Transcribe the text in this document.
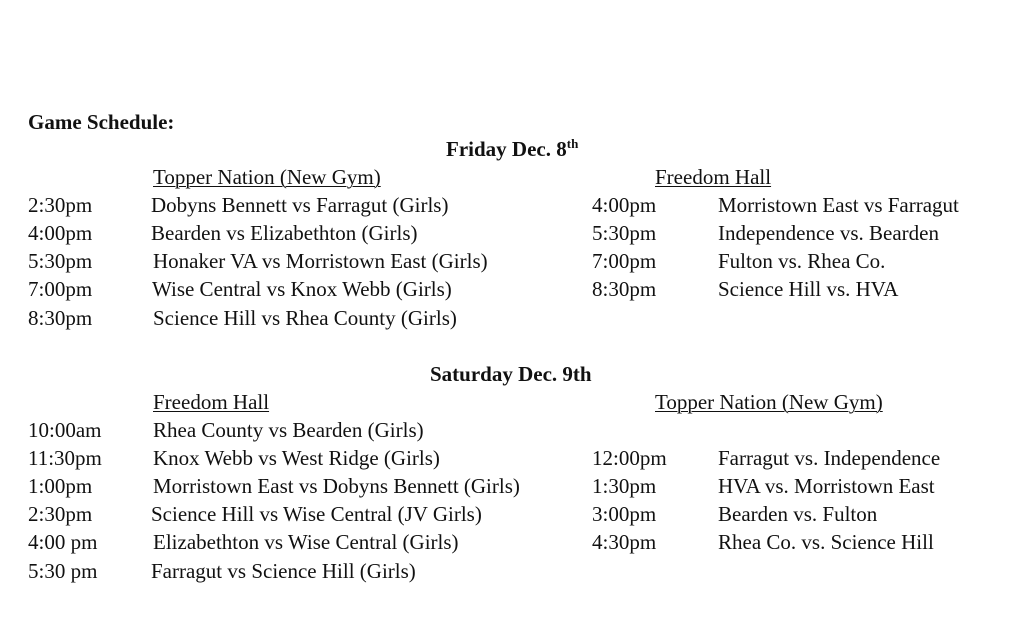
Game Schedule:
Friday Dec. 8th
Topper Nation (New Gym)	Freedom Hall
2:30pm	Dobyns Bennett vs Farragut (Girls)
4:00pm	Bearden vs Elizabethton (Girls)
5:30pm	Honaker VA vs Morristown East (Girls)
7:00pm	Wise Central vs Knox Webb (Girls)
8:30pm	Science Hill vs Rhea County (Girls)
4:00pm	Morristown East vs Farragut
5:30pm	Independence vs. Bearden
7:00pm	Fulton vs. Rhea Co.
8:30pm	Science Hill vs. HVA
Saturday Dec. 9th
Freedom Hall	Topper Nation (New Gym)
10:00am Rhea County vs Bearden (Girls)
11:30pm Knox Webb vs West Ridge (Girls)
1:00pm	Morristown East vs Dobyns Bennett (Girls)
2:30pm	Science Hill vs Wise Central (JV Girls)
4:00 pm	Elizabethton vs Wise Central (Girls)
5:30 pm	Farragut vs Science Hill (Girls)
12:00pm Farragut vs. Independence
1:30pm	HVA vs. Morristown East
3:00pm	Bearden vs. Fulton
4:30pm	Rhea Co. vs. Science Hill
